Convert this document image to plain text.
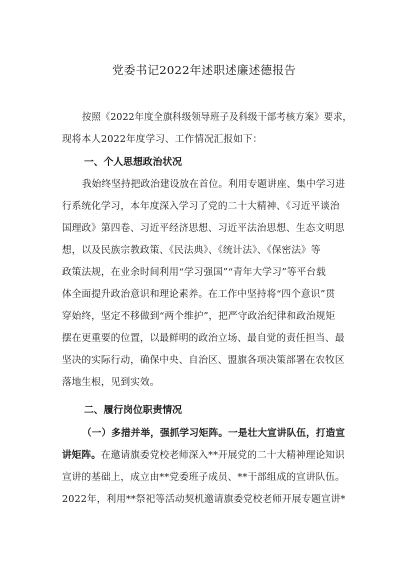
党委书记2022年述职述廉述德报告
按照《2022年度全旗科级领导班子及科级干部考核方案》要求，
现将本人2022年度学习、工作情况汇报如下：
一、个人思想政治状况
我始终坚持把政治建设放在首位。利用专题讲座、集中学习进
行系统化学习，本年度深入学习了党的二十大精神、《习近平谈治
国理政》第四卷、习近平经济思想、习近平法治思想、生态文明思
想，以及民族宗教政策、《民法典》、《统计法》、《保密法》等
政策法规，在业余时间利用“学习强国”“青年大学习”等平台载
体全面提升政治意识和理论素养。在工作中坚持将“四个意识”贯
穿始终，坚定不移做到“两个维护”，把严守政治纪律和政治规矩
摆在更重要的位置，以最鲜明的政治立场、最自觉的责任担当、最
坚决的实际行动，确保中央、自治区、盟旗各项决策部署在农牧区
落地生根，见到实效。
二、履行岗位职责情况
（一）多措并举，强抓学习矩阵。一是壮大宣讲队伍，打造宣
讲矩阵。在邀请旗委党校老师深入**开展党的二十大精神理论知识
宣讲的基础上，成立由**党委班子成员、**干部组成的宣讲队伍。
2022年，利用**祭祀等活动契机邀请旗委党校老师开展专题宣讲*
